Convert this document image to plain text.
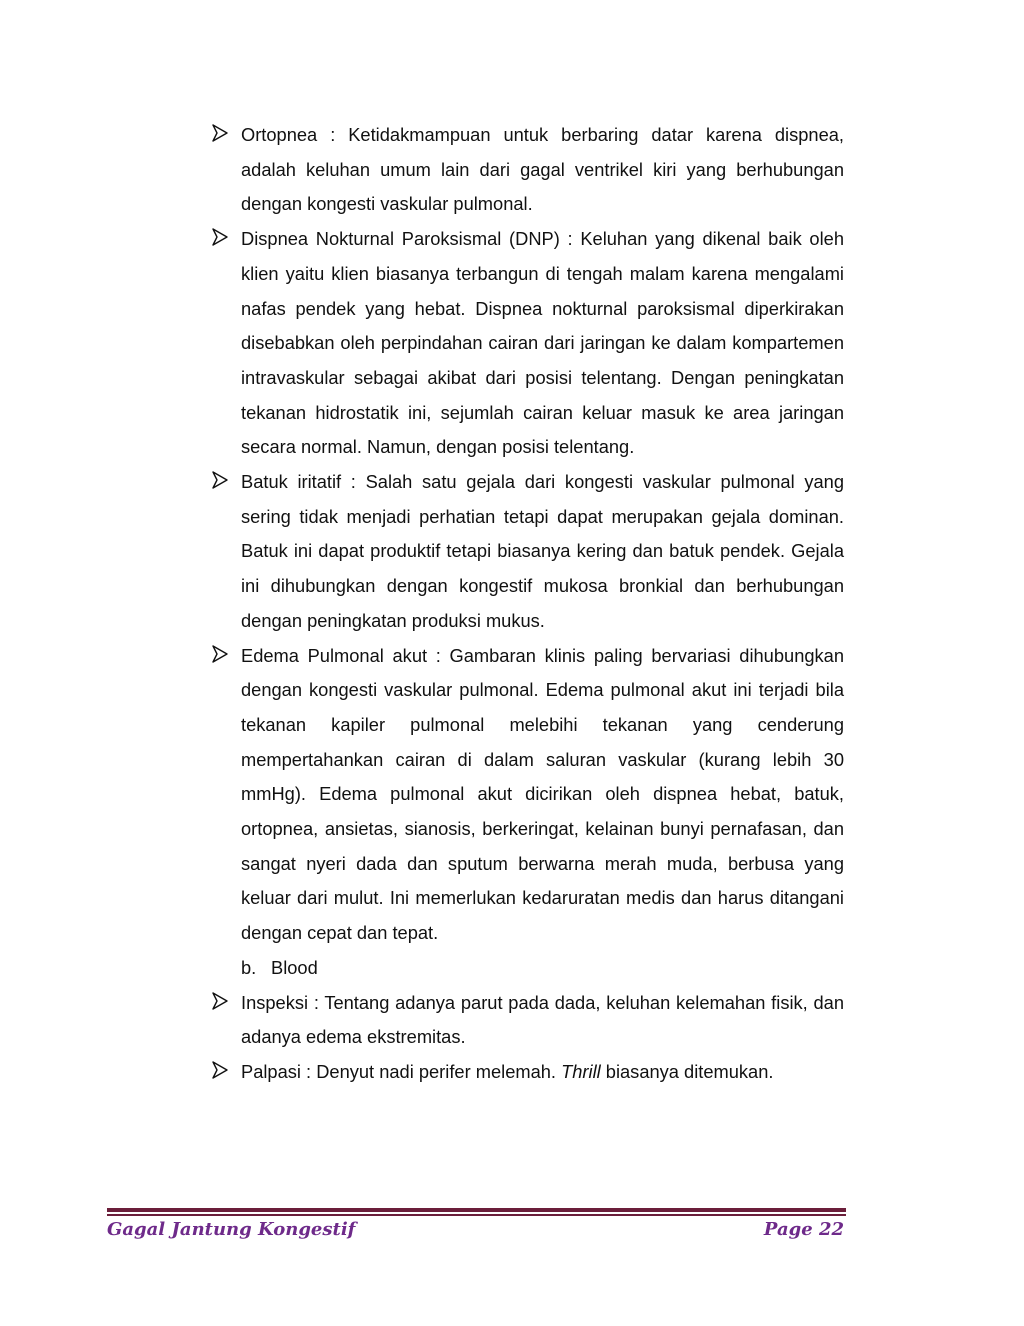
Ortopnea : Ketidakmampuan untuk berbaring datar karena dispnea, adalah keluhan umum lain dari gagal ventrikel kiri yang berhubungan dengan kongesti vaskular pulmonal.

Dispnea Nokturnal Paroksismal (DNP) : Keluhan yang dikenal baik oleh klien yaitu klien biasanya terbangun di tengah malam karena mengalami nafas pendek yang hebat. Dispnea nokturnal paroksismal diperkirakan disebabkan oleh perpindahan cairan dari jaringan ke dalam kompartemen intravaskular sebagai akibat dari posisi telentang. Dengan peningkatan tekanan hidrostatik ini, sejumlah cairan keluar masuk ke area jaringan secara normal. Namun, dengan posisi telentang.

Batuk iritatif : Salah satu gejala dari kongesti vaskular pulmonal yang sering tidak menjadi perhatian tetapi dapat merupakan gejala dominan. Batuk ini dapat produktif tetapi biasanya kering dan batuk pendek. Gejala ini dihubungkan dengan kongestif mukosa bronkial dan berhubungan dengan peningkatan produksi mukus.

Edema Pulmonal akut : Gambaran klinis paling bervariasi dihubungkan dengan kongesti vaskular pulmonal. Edema pulmonal akut ini terjadi bila tekanan kapiler pulmonal melebihi tekanan yang cenderung mempertahankan cairan di dalam saluran vaskular (kurang lebih 30 mmHg). Edema pulmonal akut dicirikan oleh dispnea hebat, batuk, ortopnea, ansietas, sianosis, berkeringat, kelainan bunyi pernafasan, dan sangat nyeri dada dan sputum berwarna merah muda, berbusa yang keluar dari mulut. Ini memerlukan kedaruratan medis dan harus ditangani dengan cepat dan tepat.

b. Blood

Inspeksi : Tentang adanya parut pada dada, keluhan kelemahan fisik, dan adanya edema ekstremitas.

Palpasi : Denyut nadi perifer melemah. Thrill biasanya ditemukan.

Gagal Jantung Kongestif	Page 22
